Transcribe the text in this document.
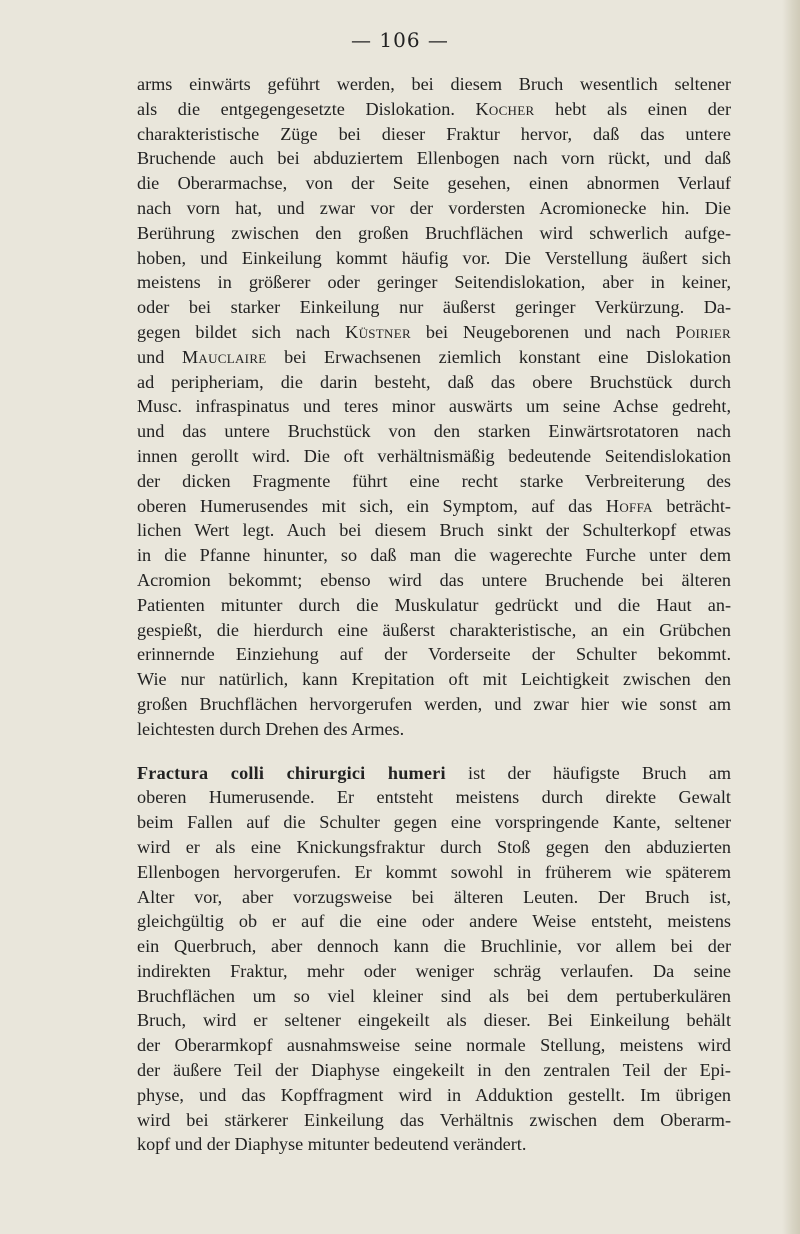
— 106 —
arms einwärts geführt werden, bei diesem Bruch wesentlich seltener
als die entgegengesetzte Dislokation. Kocher hebt als einen der
charakteristische Züge bei dieser Fraktur hervor, daß das untere
Bruchende auch bei abduziertem Ellenbogen nach vorn rückt, und daß
die Oberarmachse, von der Seite gesehen, einen abnormen Verlauf
nach vorn hat, und zwar vor der vordersten Acromionecke hin. Die
Berührung zwischen den großen Bruchflächen wird schwerlich aufge-
hoben, und Einkeilung kommt häufig vor. Die Verstellung äußert sich
meistens in größerer oder geringer Seitendislokation, aber in keiner,
oder bei starker Einkeilung nur äußerst geringer Verkürzung. Da-
gegen bildet sich nach Küstner bei Neugeborenen und nach Poirier
und Mauclaire bei Erwachsenen ziemlich konstant eine Dislokation
ad peripheriam, die darin besteht, daß das obere Bruchstück durch
Musc. infraspinatus und teres minor auswärts um seine Achse gedreht,
und das untere Bruchstück von den starken Einwärtsrotatoren nach
innen gerollt wird. Die oft verhältnismäßig bedeutende Seitendislokation
der dicken Fragmente führt eine recht starke Verbreiterung des
oberen Humerusendes mit sich, ein Symptom, auf das Hoffa beträcht-
lichen Wert legt. Auch bei diesem Bruch sinkt der Schulterkopf etwas
in die Pfanne hinunter, so daß man die wagerechte Furche unter dem
Acromion bekommt; ebenso wird das untere Bruchende bei älteren
Patienten mitunter durch die Muskulatur gedrückt und die Haut an-
gespießt, die hierdurch eine äußerst charakteristische, an ein Grübchen
erinnernde Einziehung auf der Vorderseite der Schulter bekommt.
Wie nur natürlich, kann Krepitation oft mit Leichtigkeit zwischen den
großen Bruchflächen hervorgerufen werden, und zwar hier wie sonst am
leichtesten durch Drehen des Armes.
Fractura colli chirurgici humeri ist der häufigste Bruch am
oberen Humerusende. Er entsteht meistens durch direkte Gewalt
beim Fallen auf die Schulter gegen eine vorspringende Kante, seltener
wird er als eine Knickungsfraktur durch Stoß gegen den abduzierten
Ellenbogen hervorgerufen. Er kommt sowohl in früherem wie späterem
Alter vor, aber vorzugsweise bei älteren Leuten. Der Bruch ist,
gleichgültig ob er auf die eine oder andere Weise entsteht, meistens
ein Querbruch, aber dennoch kann die Bruchlinie, vor allem bei der
indirekten Fraktur, mehr oder weniger schräg verlaufen. Da seine
Bruchflächen um so viel kleiner sind als bei dem pertuberkulären
Bruch, wird er seltener eingekeilt als dieser. Bei Einkeilung behält
der Oberarmkopf ausnahmsweise seine normale Stellung, meistens wird
der äußere Teil der Diaphyse eingekeilt in den zentralen Teil der Epi-
physe, und das Kopffragment wird in Adduktion gestellt. Im übrigen
wird bei stärkerer Einkeilung das Verhältnis zwischen dem Oberarm-
kopf und der Diaphyse mitunter bedeutend verändert.
